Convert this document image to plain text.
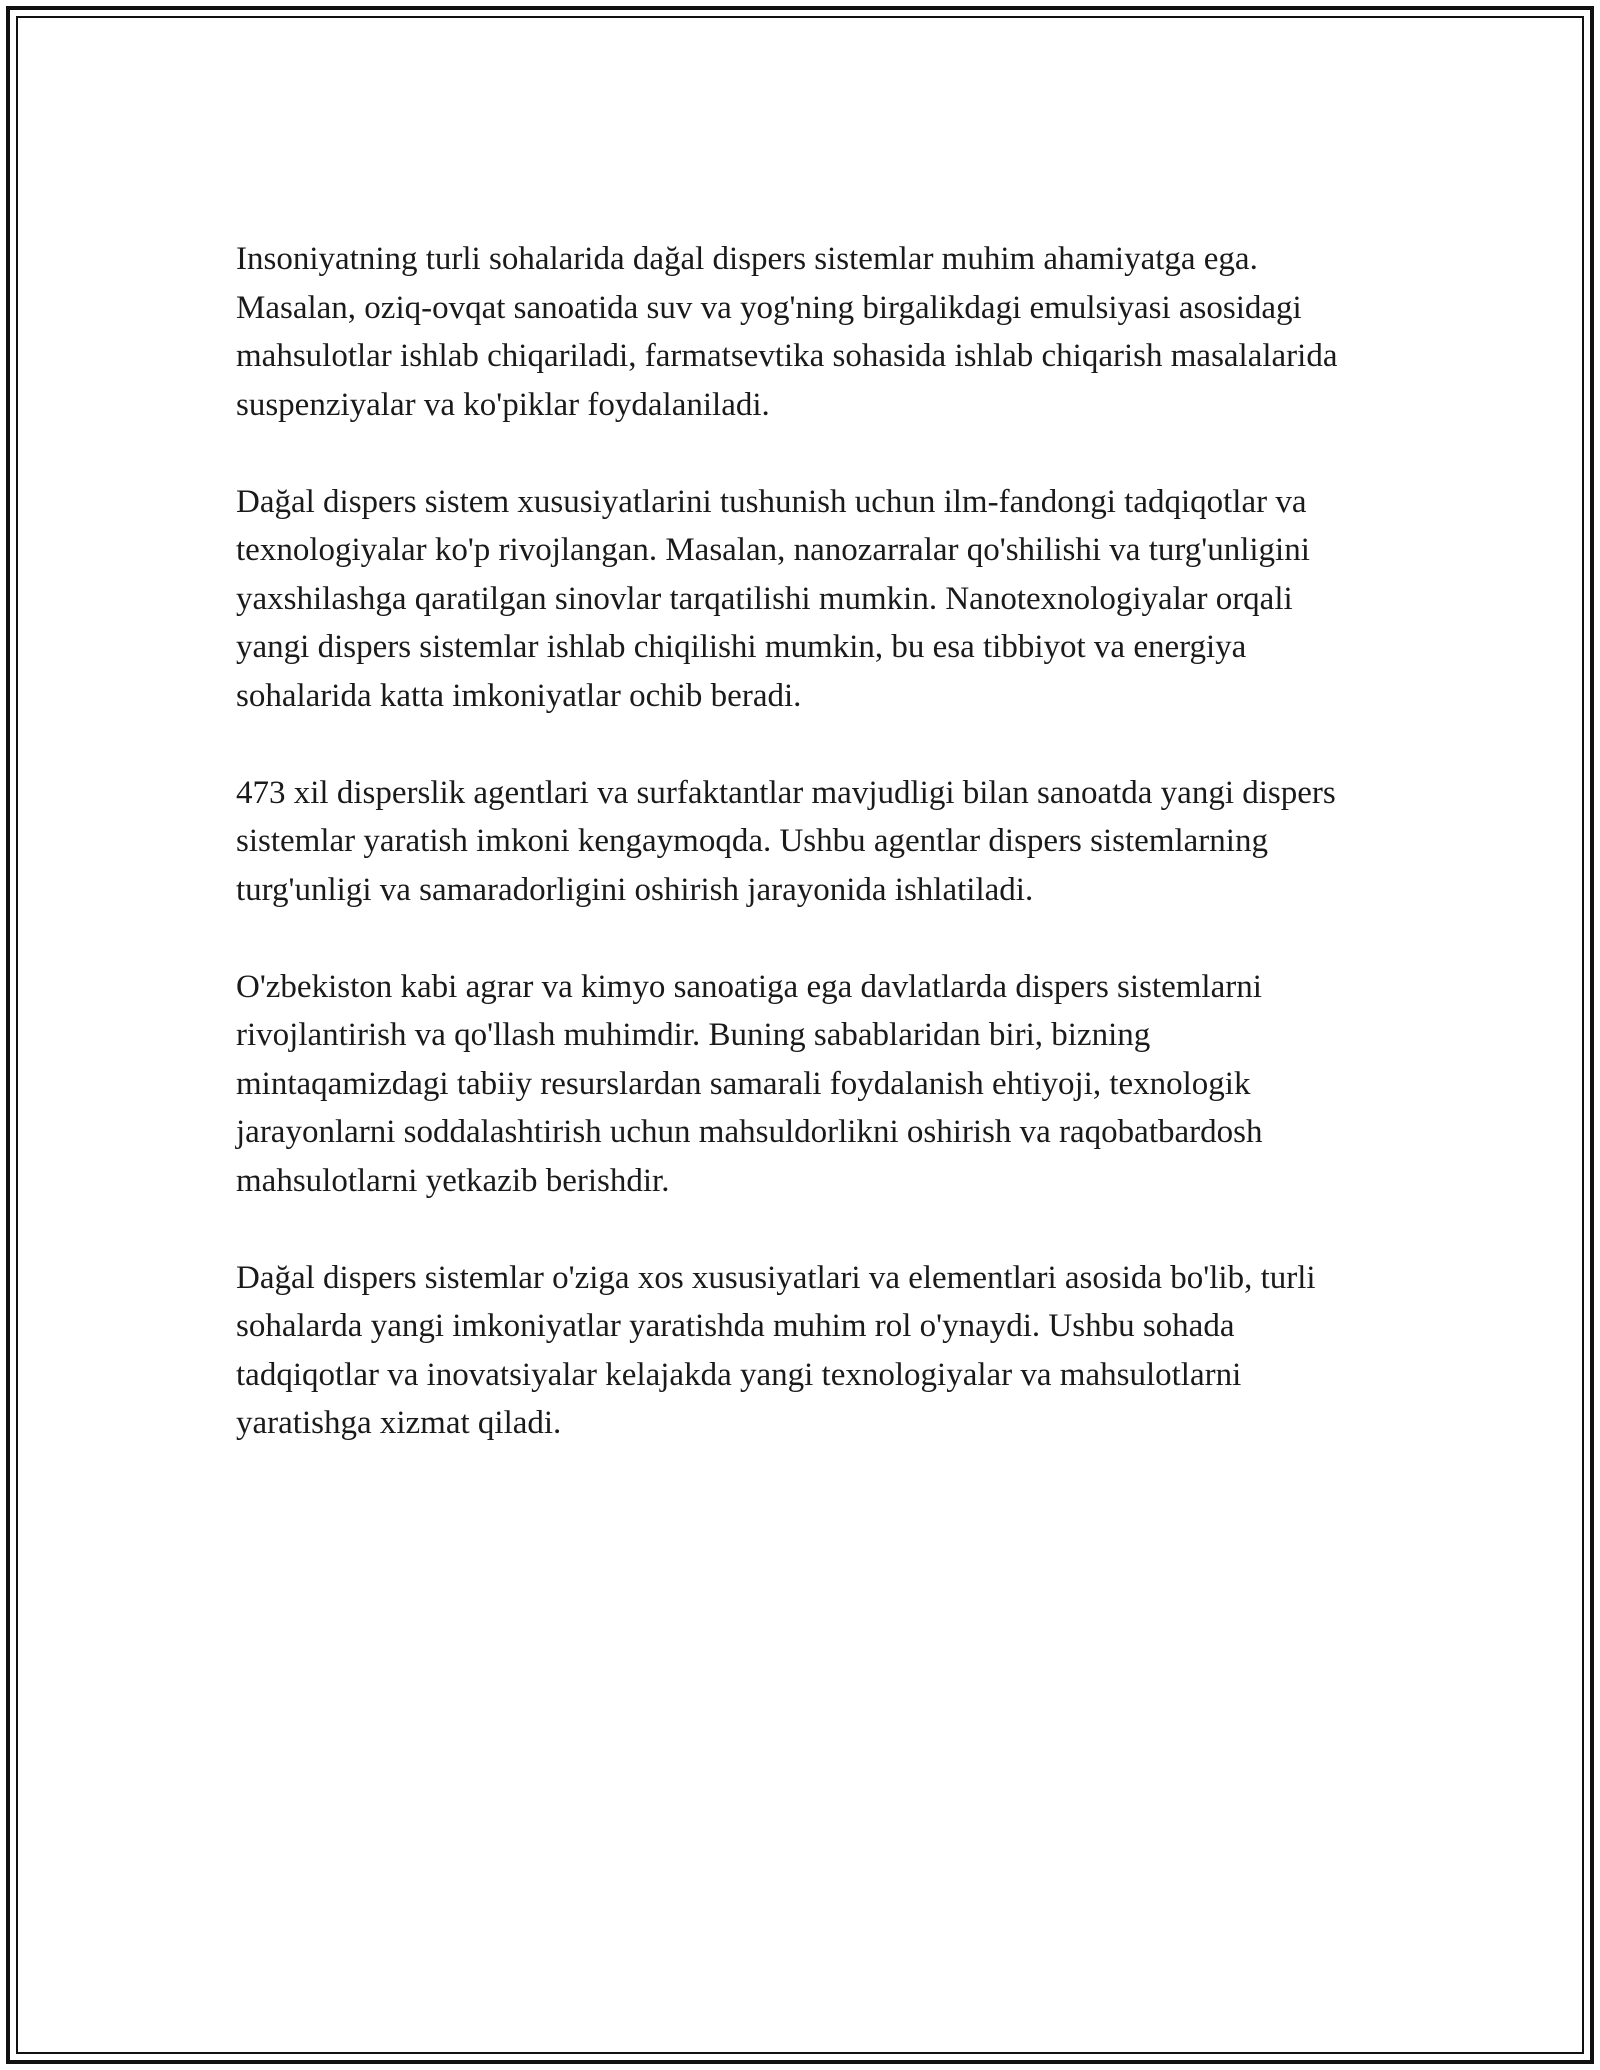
Insoniyatning turli sohalarida dağal dispers sistemlar muhim ahamiyatga ega. Masalan, oziq-ovqat sanoatida suv va yog'ning birgalikdagi emulsiyasi asosidagi mahsulotlar ishlab chiqariladi, farmatsevtika sohasida ishlab chiqarish masalalarida suspenziyalar va ko'piklar foydalaniladi.

Dağal dispers sistem xususiyatlarini tushunish uchun ilm-fandongi tadqiqotlar va texnologiyalar ko'p rivojlangan. Masalan, nanozarralar qo'shilishi va turg'unligini yaxshilashga qaratilgan sinovlar tarqatilishi mumkin. Nanotexnologiyalar orqali yangi dispers sistemlar ishlab chiqilishi mumkin, bu esa tibbiyot va energiya sohalarida katta imkoniyatlar ochib beradi.

473 xil disperslik agentlari va surfaktantlar mavjudligi bilan sanoatda yangi dispers sistemlar yaratish imkoni kengaymoqda. Ushbu agentlar dispers sistemlarning turg'unligi va samaradorligini oshirish jarayonida ishlatiladi.

O'zbekiston kabi agrar va kimyo sanoatiga ega davlatlarda dispers sistemlarni rivojlantirish va qo'llash muhimdir. Buning sabablaridan biri, bizning mintaqamizdagi tabiiy resurslardan samarali foydalanish ehtiyoji, texnologik jarayonlarni soddalashtirish uchun mahsuldorlikni oshirish va raqobatbardosh mahsulotlarni yetkazib berishdir.

Dağal dispers sistemlar o'ziga xos xususiyatlari va elementlari asosida bo'lib, turli sohalarda yangi imkoniyatlar yaratishda muhim rol o'ynaydi. Ushbu sohada tadqiqotlar va inovatsiyalar kelajakda yangi texnologiyalar va mahsulotlarni yaratishga xizmat qiladi.
